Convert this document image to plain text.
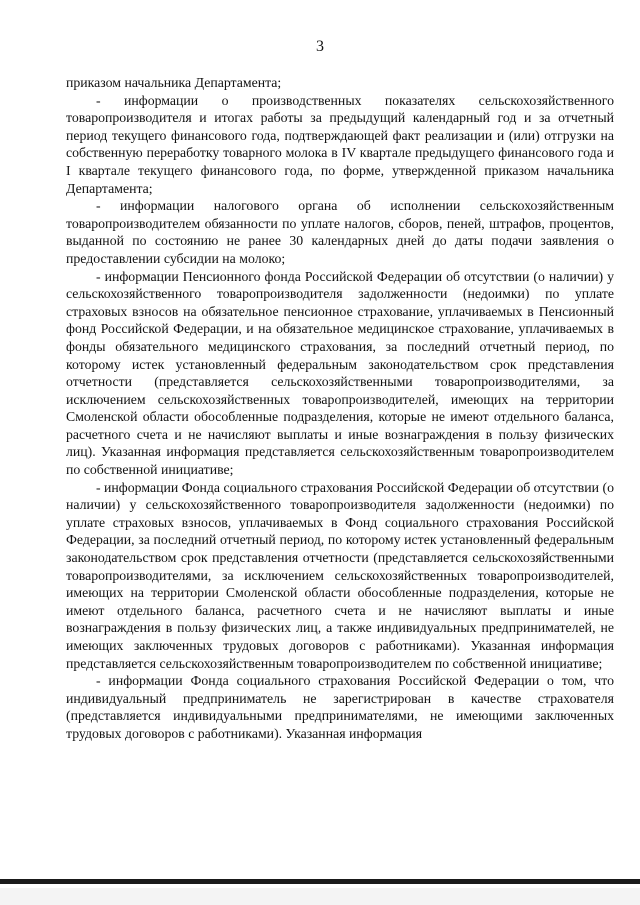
3

приказом начальника Департамента;

- информации о производственных показателях сельскохозяйственного товаропроизводителя и итогах работы за предыдущий календарный год и за отчетный период текущего финансового года, подтверждающей факт реализации и (или) отгрузки на собственную переработку товарного молока в IV квартале предыдущего финансового года и I квартале текущего финансового года, по форме, утвержденной приказом начальника Департамента;

- информации налогового органа об исполнении сельскохозяйственным товаропроизводителем обязанности по уплате налогов, сборов, пеней, штрафов, процентов, выданной по состоянию не ранее 30 календарных дней до даты подачи заявления о предоставлении субсидии на молоко;

- информации Пенсионного фонда Российской Федерации об отсутствии (о наличии) у сельскохозяйственного товаропроизводителя задолженности (недоимки) по уплате страховых взносов на обязательное пенсионное страхование, уплачиваемых в Пенсионный фонд Российской Федерации, и на обязательное медицинское страхование, уплачиваемых в фонды обязательного медицинского страхования, за последний отчетный период, по которому истек установленный федеральным законодательством срок представления отчетности (представляется сельскохозяйственными товаропроизводителями, за исключением сельскохозяйственных товаропроизводителей, имеющих на территории Смоленской области обособленные подразделения, которые не имеют отдельного баланса, расчетного счета и не начисляют выплаты и иные вознаграждения в пользу физических лиц). Указанная информация представляется сельскохозяйственным товаропроизводителем по собственной инициативе;

- информации Фонда социального страхования Российской Федерации об отсутствии (о наличии) у сельскохозяйственного товаропроизводителя задолженности (недоимки) по уплате страховых взносов, уплачиваемых в Фонд социального страхования Российской Федерации, за последний отчетный период, по которому истек установленный федеральным законодательством срок представления отчетности (представляется сельскохозяйственными товаропроизводителями, за исключением сельскохозяйственных товаропроизводителей, имеющих на территории Смоленской области обособленные подразделения, которые не имеют отдельного баланса, расчетного счета и не начисляют выплаты и иные вознаграждения в пользу физических лиц, а также индивидуальных предпринимателей, не имеющих заключенных трудовых договоров с работниками). Указанная информация представляется сельскохозяйственным товаропроизводителем по собственной инициативе;

- информации Фонда социального страхования Российской Федерации о том, что индивидуальный предприниматель не зарегистрирован в качестве страхователя (представляется индивидуальными предпринимателями, не имеющими заключенных трудовых договоров с работниками). Указанная информация
